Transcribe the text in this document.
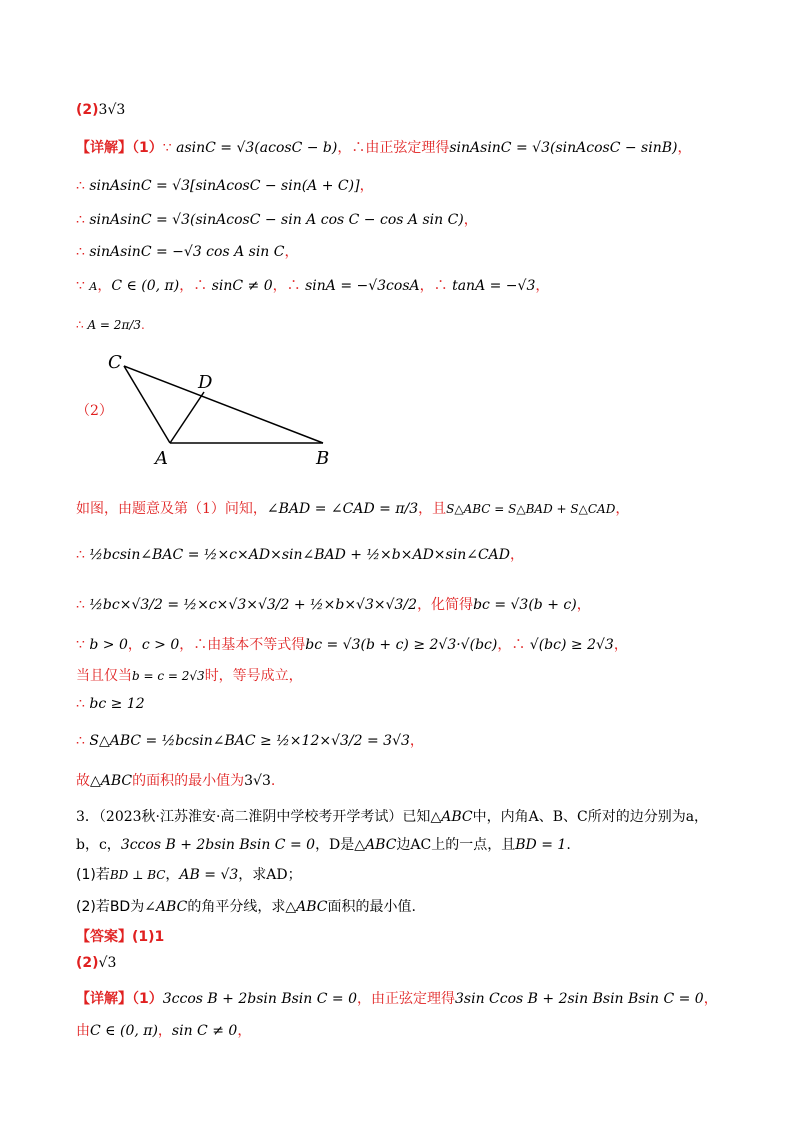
(2)3√3
【详解】（1）∵ asinC = √3(acosC − b)，∴由正弦定理得sinAsinC = √3(sinAcosC − sinB)，
∴ sinAsinC = √3[sinAcosC − sin(A + C)]，
∴ sinAsinC = √3(sinAcosC − sin A cos C − cos A sin C)，
∴ sinAsinC = −√3 cos A sin C，
∵ A，C ∈ (0, π)，∴ sinC ≠ 0，∴ sinA = −√3cosA，∴ tanA = −√3，
∴ A = 2π/3.
（2）
C
D
A	B
如图，由题意及第（1）问知，∠BAD = ∠CAD = π/3，且S△ABC = S△BAD + S△CAD，
∴ ½bcsin∠BAC = ½×c×AD×sin∠BAD + ½×b×AD×sin∠CAD，
∴ ½bc×√3/2 = ½×c×√3×√3/2 + ½×b×√3×√3/2，化简得bc = √3(b + c)，
∵ b > 0，c > 0，∴由基本不等式得bc = √3(b + c) ≥ 2√3·√(bc)，∴ √(bc) ≥ 2√3，
当且仅当b = c = 2√3时，等号成立，
∴ bc ≥ 12
∴ S△ABC = ½bcsin∠BAC ≥ ½×12×√3/2 = 3√3，
故△ABC的面积的最小值为3√3.
3．（2023秋·江苏淮安·高二淮阴中学校考开学考试）已知△ABC中，内角A、B、C所对的边分别为a，
b，c，3ccos B + 2bsin Bsin C = 0，D是△ABC边AC上的一点，且BD = 1.
(1)若BD ⊥ BC，AB = √3，求AD；
(2)若BD为∠ABC的角平分线，求△ABC面积的最小值.
【答案】(1)1
(2)√3
【详解】（1）3ccos B + 2bsin Bsin C = 0，由正弦定理得3sin Ccos B + 2sin Bsin Bsin C = 0，
由C ∈ (0, π)，sin C ≠ 0，
